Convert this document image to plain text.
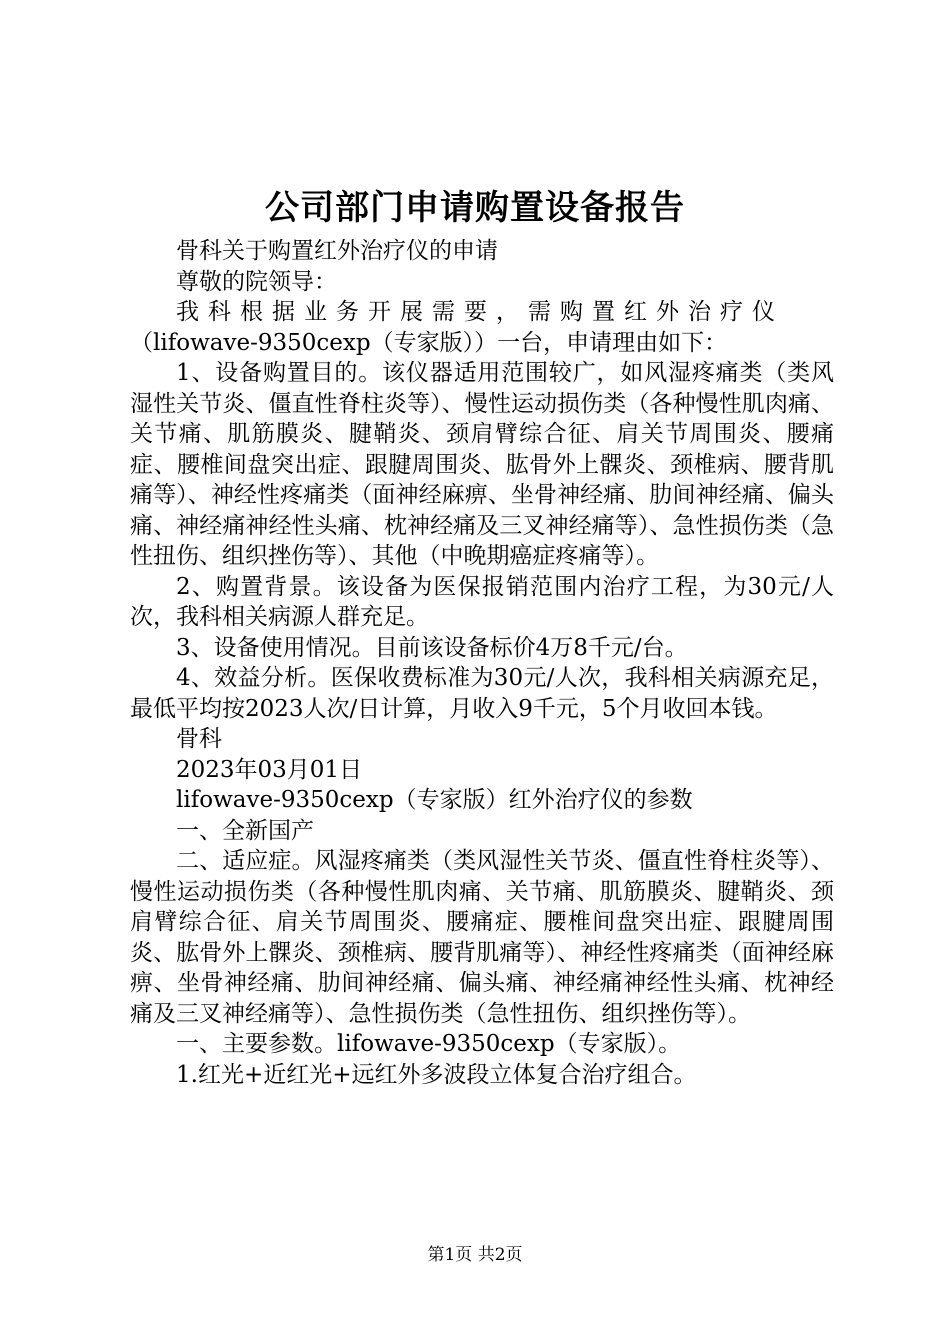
公司部门申请购置设备报告

骨科关于购置红外治疗仪的申请

尊敬的院领导：

我科根据业务开展需要，需购置红外治疗仪

（lifowave-9350cexp（专家版））一台，申请理由如下：

1、设备购置目的。该仪器适用范围较广，如风湿疼痛类（类风湿性关节炎、僵直性脊柱炎等）、慢性运动损伤类（各种慢性肌肉痛、关节痛、肌筋膜炎、腱鞘炎、颈肩臂综合征、肩关节周围炎、腰痛症、腰椎间盘突出症、跟腱周围炎、肱骨外上髁炎、颈椎病、腰背肌痛等）、神经性疼痛类（面神经麻痹、坐骨神经痛、肋间神经痛、偏头痛、神经痛神经性头痛、枕神经痛及三叉神经痛等）、急性损伤类（急性扭伤、组织挫伤等）、其他（中晚期癌症疼痛等）。

2、购置背景。该设备为医保报销范围内治疗工程，为30元/人次，我科相关病源人群充足。

3、设备使用情况。目前该设备标价4万8千元/台。

4、效益分析。医保收费标准为30元/人次，我科相关病源充足，最低平均按2023人次/日计算，月收入9千元，5个月收回本钱。

骨科

2023年03月01日

lifowave-9350cexp（专家版）红外治疗仪的参数

一、全新国产

二、适应症。风湿疼痛类（类风湿性关节炎、僵直性脊柱炎等）、慢性运动损伤类（各种慢性肌肉痛、关节痛、肌筋膜炎、腱鞘炎、颈肩臂综合征、肩关节周围炎、腰痛症、腰椎间盘突出症、跟腱周围炎、肱骨外上髁炎、颈椎病、腰背肌痛等）、神经性疼痛类（面神经麻痹、坐骨神经痛、肋间神经痛、偏头痛、神经痛神经性头痛、枕神经痛及三叉神经痛等）、急性损伤类（急性扭伤、组织挫伤等）。

一、主要参数。lifowave-9350cexp（专家版）。

1.红光+近红光+远红外多波段立体复合治疗组合。

第1页 共2页
